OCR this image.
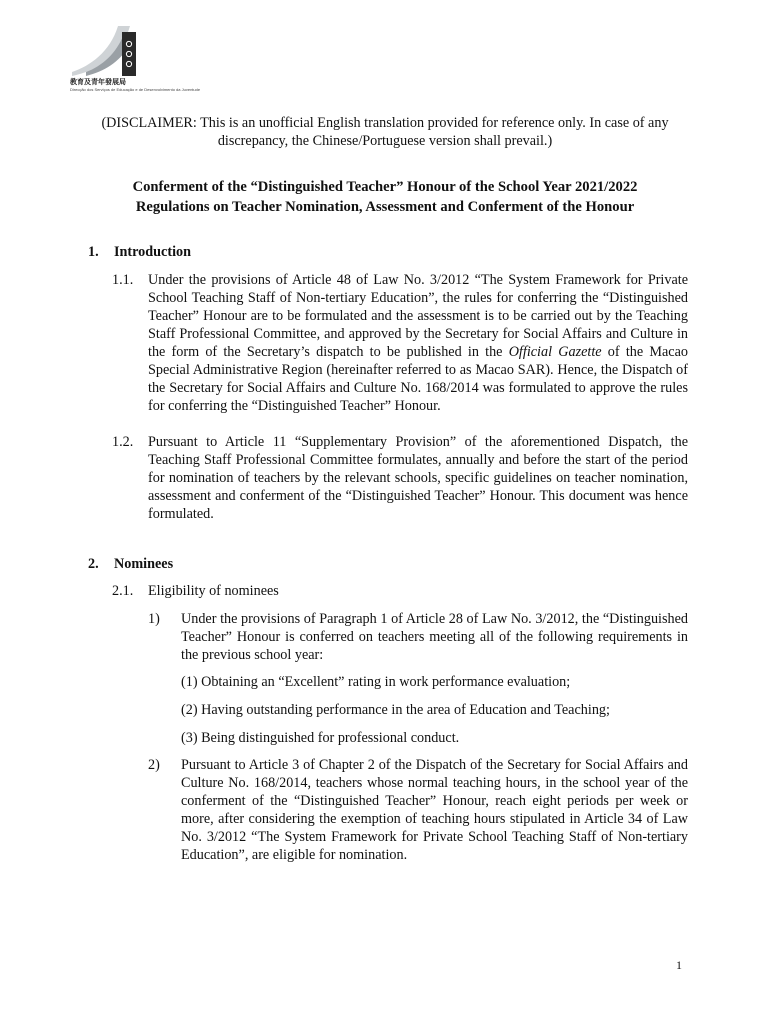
教育及青年發展局
Direcção dos Serviços de Educação e de Desenvolvimento da Juventude
(DISCLAIMER: This is an unofficial English translation provided for reference only. In case of any discrepancy, the Chinese/Portuguese version shall prevail.)
Conferment of the “Distinguished Teacher” Honour of the School Year 2021/2022
Regulations on Teacher Nomination, Assessment and Conferment of the Honour
1. Introduction
1.1. Under the provisions of Article 48 of Law No. 3/2012 “The System Framework for Private School Teaching Staff of Non-tertiary Education”, the rules for conferring the “Distinguished Teacher” Honour are to be formulated and the assessment is to be carried out by the Teaching Staff Professional Committee, and approved by the Secretary for Social Affairs and Culture in the form of the Secretary’s dispatch to be published in the Official Gazette of the Macao Special Administrative Region (hereinafter referred to as Macao SAR). Hence, the Dispatch of the Secretary for Social Affairs and Culture No. 168/2014 was formulated to approve the rules for conferring the “Distinguished Teacher” Honour.
1.2. Pursuant to Article 11 “Supplementary Provision” of the aforementioned Dispatch, the Teaching Staff Professional Committee formulates, annually and before the start of the period for nomination of teachers by the relevant schools, specific guidelines on teacher nomination, assessment and conferment of the “Distinguished Teacher” Honour. This document was hence formulated.
2. Nominees
2.1. Eligibility of nominees
1) Under the provisions of Paragraph 1 of Article 28 of Law No. 3/2012, the “Distinguished Teacher” Honour is conferred on teachers meeting all of the following requirements in the previous school year:
(1) Obtaining an “Excellent” rating in work performance evaluation;
(2) Having outstanding performance in the area of Education and Teaching;
(3) Being distinguished for professional conduct.
2) Pursuant to Article 3 of Chapter 2 of the Dispatch of the Secretary for Social Affairs and Culture No. 168/2014, teachers whose normal teaching hours, in the school year of the conferment of the “Distinguished Teacher” Honour, reach eight periods per week or more, after considering the exemption of teaching hours stipulated in Article 34 of Law No. 3/2012 “The System Framework for Private School Teaching Staff of Non-tertiary Education”, are eligible for nomination.
1
